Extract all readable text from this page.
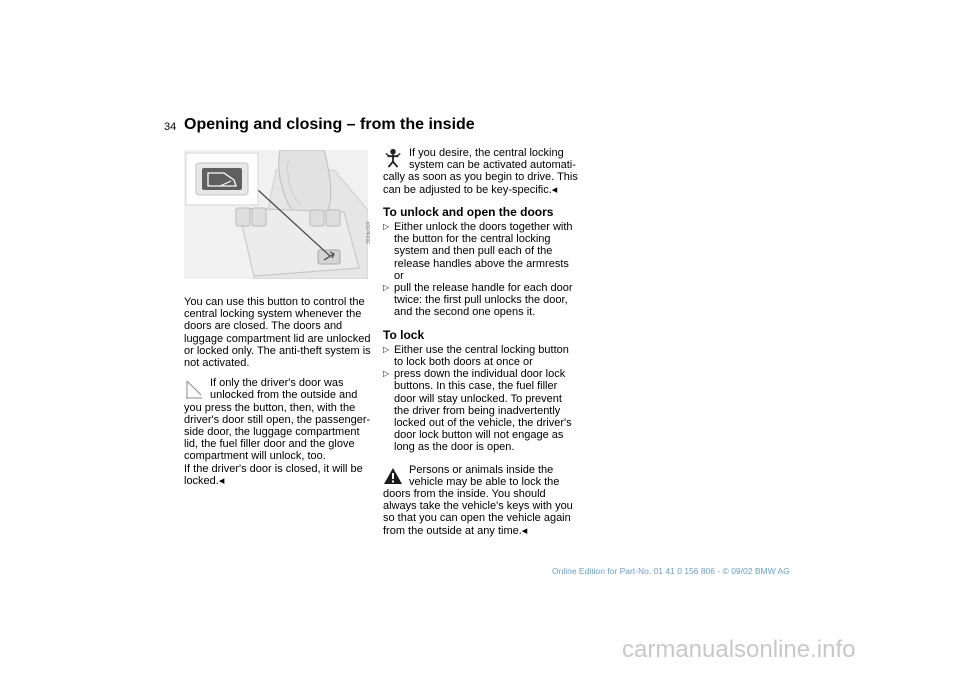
34 Opening and closing – from the inside
360de004

You can use this button to control the central locking system whenever the doors are closed. The doors and luggage compartment lid are unlocked or locked only. The anti-theft system is not activated.

If only the driver's door was unlocked from the outside and

you press the button, then, with the driver's door still open, the passenger-side door, the luggage compartment lid, the fuel filler door and the glove compartment will unlock, too.

If the driver's door is closed, it will be locked.◂

If you desire, the central locking system can be activated automati-

cally as soon as you begin to drive. This can be adjusted to be key-specific.◂

To unlock and open the doors
▷ Either unlock the doors together with the button for the central locking system and then pull each of the release handles above the armrests or
▷ pull the release handle for each door twice: the first pull unlocks the door, and the second one opens it.
To lock
▷ Either use the central locking button to lock both doors at once or
▷ press down the individual door lock buttons. In this case, the fuel filler door will stay unlocked. To prevent the driver from being inadvertently locked out of the vehicle, the driver's door lock button will not engage as long as the door is open.

Persons or animals inside the vehicle may be able to lock the

doors from the inside. You should always take the vehicle's keys with you so that you can open the vehicle again from the outside at any time.◂

Online Edition for Part-No. 01 41 0 156 806 - © 09/02 BMW AG
carmanualsonline.info
